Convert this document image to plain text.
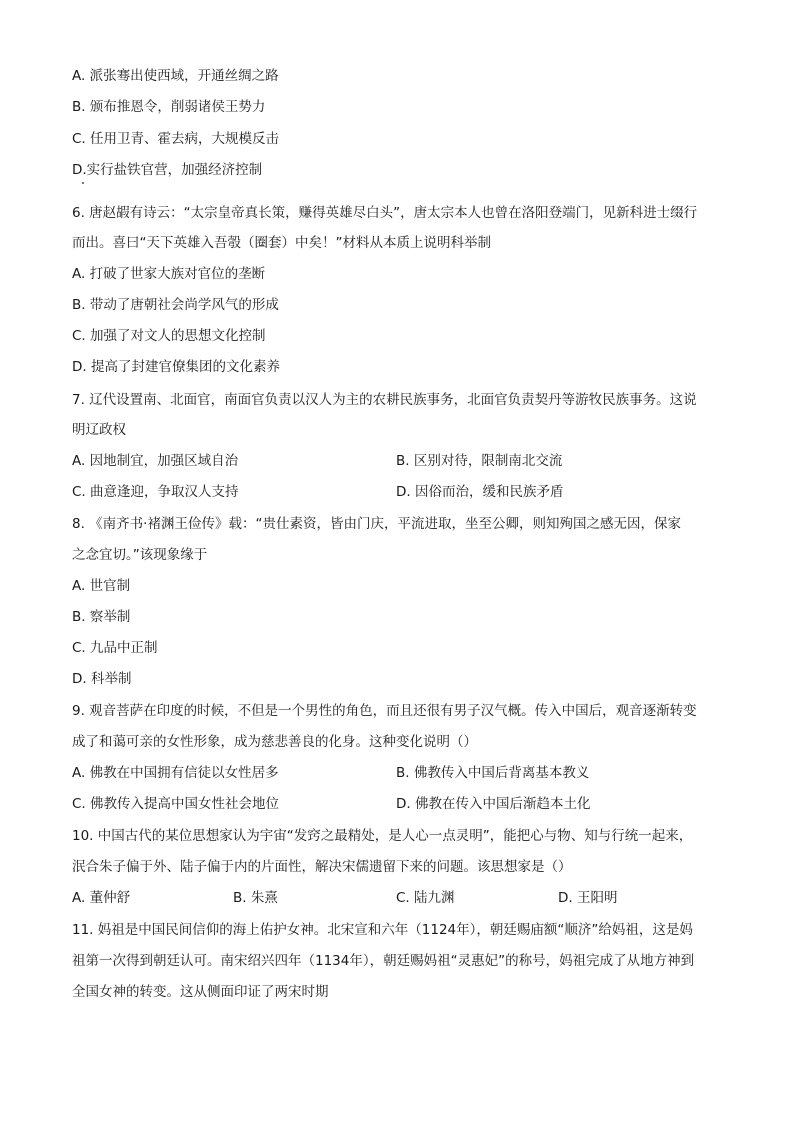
A. 派张骞出使西域，开通丝绸之路
B. 颁布推恩令，削弱诸侯王势力
C. 任用卫青、霍去病，大规模反击
D.实行盐铁官营，加强经济控制
6. 唐赵嘏有诗云：“太宗皇帝真长策，赚得英雄尽白头”，唐太宗本人也曾在洛阳登端门，见新科进士缀行
而出。喜曰“天下英雄入吾彀（圈套）中矣！”材料从本质上说明科举制
A. 打破了世家大族对官位的垄断
B. 带动了唐朝社会尚学风气的形成
C. 加强了对文人的思想文化控制
D. 提高了封建官僚集团的文化素养
7. 辽代设置南、北面官，南面官负责以汉人为主的农耕民族事务，北面官负责契丹等游牧民族事务。这说
明辽政权
A. 因地制宜，加强区域自治	B. 区别对待，限制南北交流
C. 曲意逢迎，争取汉人支持	D. 因俗而治，缓和民族矛盾
8. 《南齐书·褚渊王俭传》载：“贵仕素资，皆由门庆，平流进取，坐至公卿，则知殉国之感无因，保家
之念宜切。”该现象缘于
A. 世官制
B. 察举制
C. 九品中正制
D. 科举制
9. 观音菩萨在印度的时候，不但是一个男性的角色，而且还很有男子汉气概。传入中国后，观音逐渐转变
成了和蔼可亲的女性形象，成为慈悲善良的化身。这种变化说明（）
A. 佛教在中国拥有信徒以女性居多	B. 佛教传入中国后背离基本教义
C. 佛教传入提高中国女性社会地位	D. 佛教在传入中国后渐趋本土化
10. 中国古代的某位思想家认为宇宙“发窍之最精处，是人心一点灵明”，能把心与物、知与行统一起来，
泯合朱子偏于外、陆子偏于内的片面性，解决宋儒遗留下来的问题。该思想家是（）
A. 董仲舒	B. 朱熹	C. 陆九渊	D. 王阳明
11. 妈祖是中国民间信仰的海上佑护女神。北宋宣和六年（1124年），朝廷赐庙额“顺济”给妈祖，这是妈
祖第一次得到朝廷认可。南宋绍兴四年（1134年），朝廷赐妈祖“灵惠妃”的称号，妈祖完成了从地方神到
全国女神的转变。这从侧面印证了两宋时期
